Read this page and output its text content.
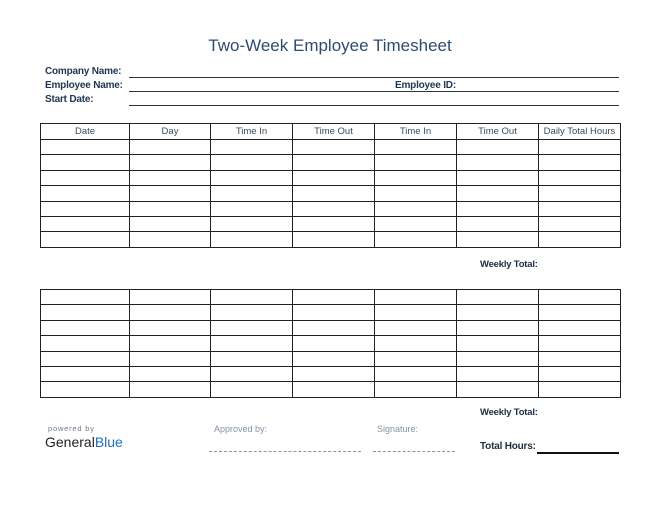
Two-Week Employee Timesheet
Company Name:
Employee Name:	Employee ID:
Start Date:
Date	Day	Time In	Time Out	Time In	Time Out	Daily Total Hours

Weekly Total:

Weekly Total:
powered by
GeneralBlue
Approved by:	Signature:
Total Hours:
